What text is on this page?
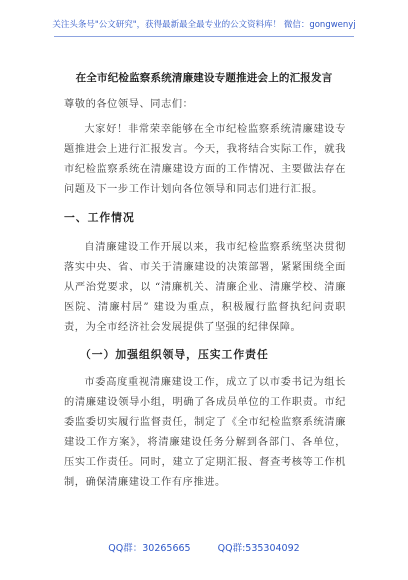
关注头条号"公文研究"，获得最新最全最专业的公文资料库！ 微信：gongwenyj
在全市纪检监察系统清廉建设专题推进会上的汇报发言
尊敬的各位领导、同志们：
大家好！非常荣幸能够在全市纪检监察系统清廉建设专题推进会上进行汇报发言。今天，我将结合实际工作，就我市纪检监察系统在清廉建设方面的工作情况、主要做法存在问题及下一步工作计划向各位领导和同志们进行汇报。
一、工作情况
自清廉建设工作开展以来，我市纪检监察系统坚决贯彻落实中央、省、市关于清廉建设的决策部署，紧紧围绕全面从严治党要求，以 “清廉机关、清廉企业、清廉学校、清廉医院、清廉村居” 建设为重点，积极履行监督执纪问责职责，为全市经济社会发展提供了坚强的纪律保障。
（一）加强组织领导，压实工作责任
市委高度重视清廉建设工作，成立了以市委书记为组长的清廉建设领导小组，明确了各成员单位的工作职责。市纪委监委切实履行监督责任，制定了《全市纪检监察系统清廉建设工作方案》，将清廉建设任务分解到各部门、各单位，压实工作责任。同时，建立了定期汇报、督查考核等工作机制，确保清廉建设工作有序推进。
QQ群：30265665	QQ群:535304092
